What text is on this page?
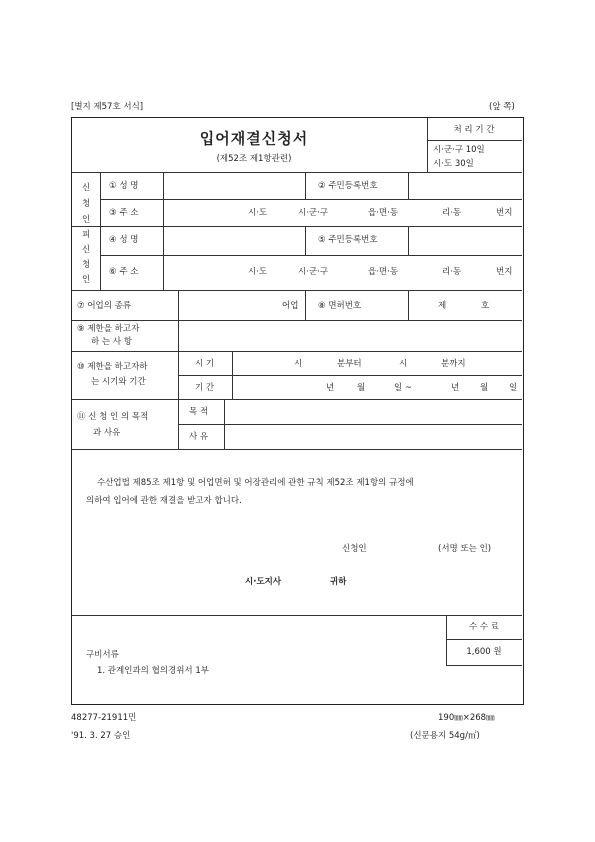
[별지 제57호 서식]	(앞 쪽)
입어재결신청서
(제52조 제1항관련)
처 리 기 간
시·군·구 10일
시·도 30일
신
청
인
① 성 명	② 주민등록번호
③ 주 소	시·도	시·군·구	읍·면·동	리·동	번지
피
신
청
인
④ 성 명	⑤ 주민등록번호
⑥ 주 소	시·도	시·군·구	읍·면·동	리·동	번지
⑦ 어업의 종류	어업 ⑧ 면허번호	제	호
⑨ 제한을 하고자
하 는 사 항
⑩ 제한을 하고자하
는 시기와 기간
시 기	시	분부터	시	분까지
기 간	년	월	일 ~	년 월 일
⑪ 신 청 인 의 목적
과 사유
목 적
사 유
수산업법 제85조 제1항 및 어업면허 및 어장관리에 관한 규칙 제52조 제1항의 규정에
의하여 입어에 관한 재결을 받고자 합니다.
신청인	(서명 또는 인)
시·도지사	귀하
수 수 료
1,600 원
구비서류
1. 관계인과의 협의경위서 1부
48277-21911민
'91. 3. 27 승인
190㎜×268㎜
(신문용지 54g/㎡)
